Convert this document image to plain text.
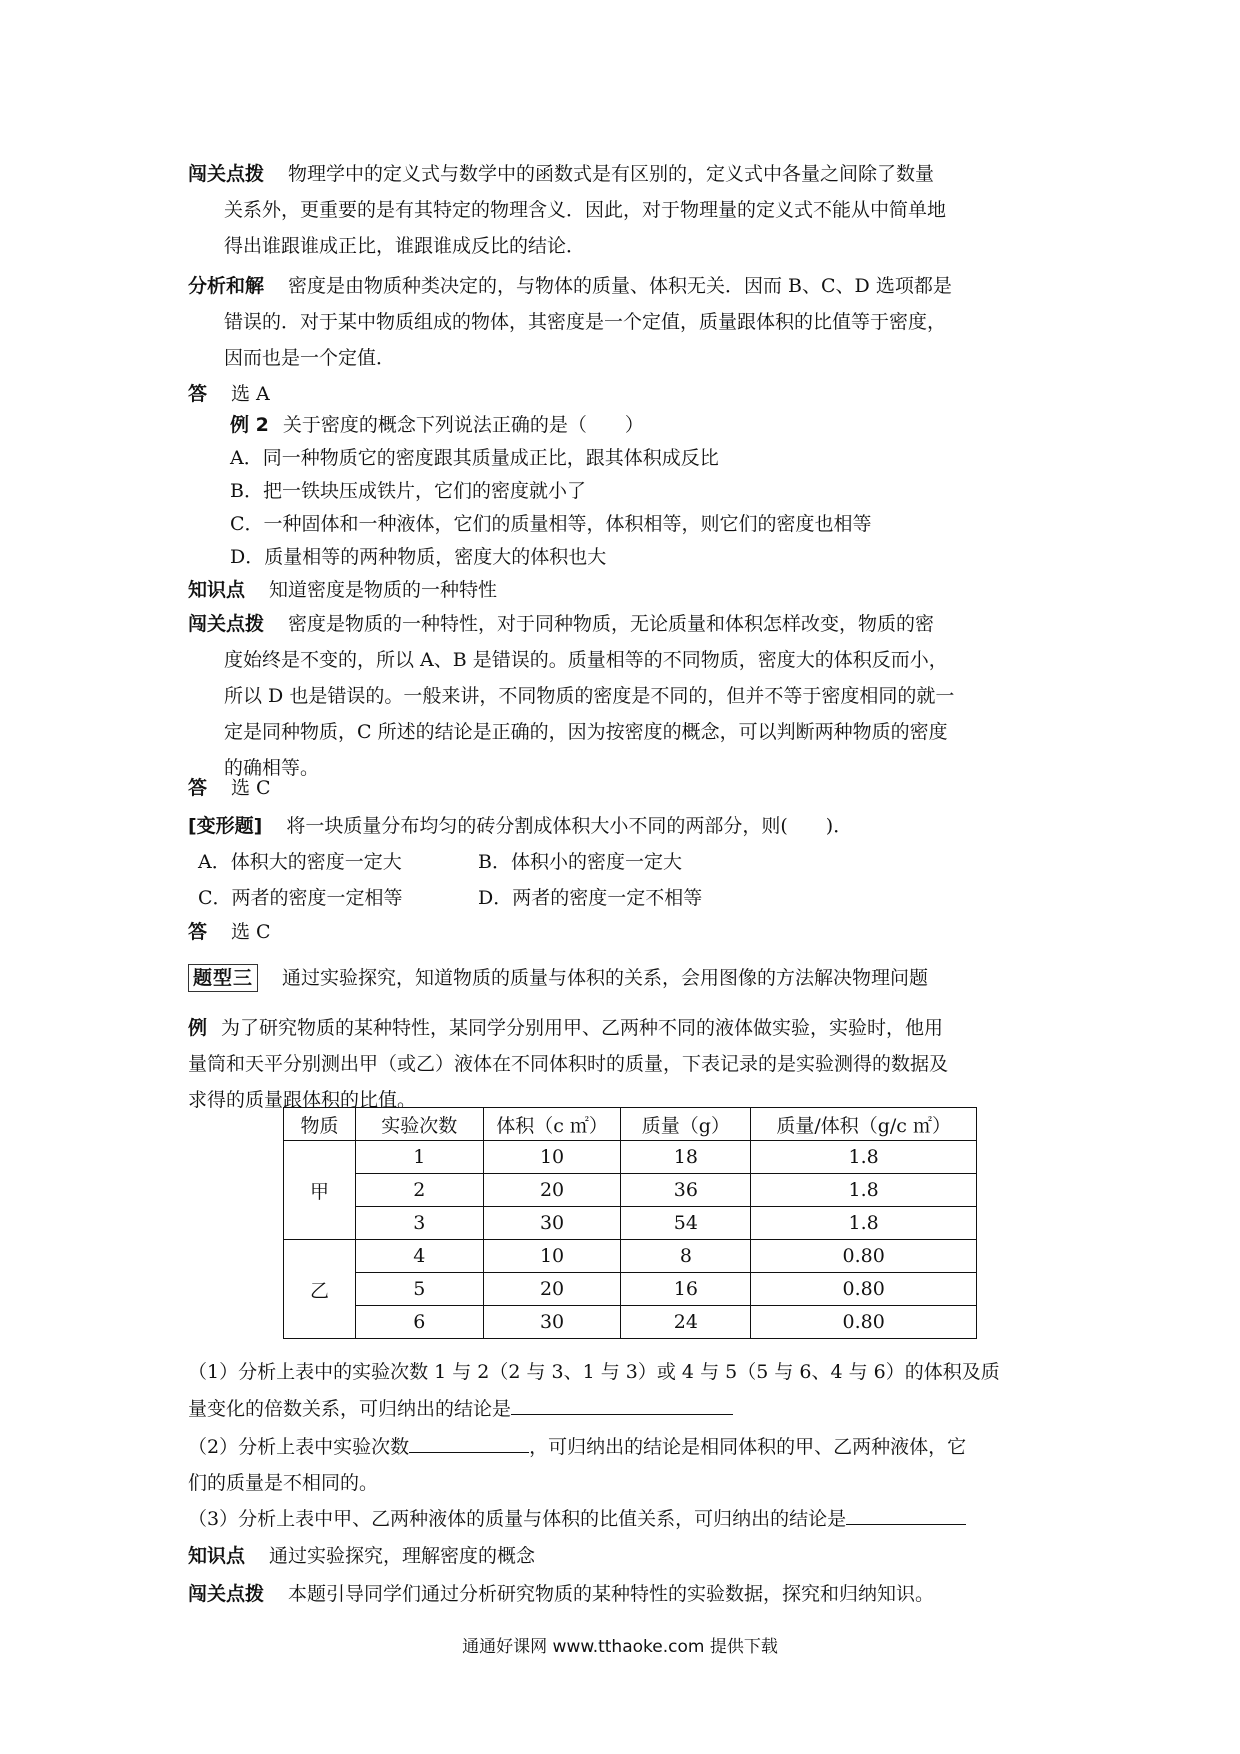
闯关点拨 物理学中的定义式与数学中的函数式是有区别的，定义式中各量之间除了数量
关系外，更重要的是有其特定的物理含义．因此，对于物理量的定义式不能从中简单地
得出谁跟谁成正比，谁跟谁成反比的结论．
分析和解 密度是由物质种类决定的，与物体的质量、体积无关．因而 B、C、D 选项都是
错误的．对于某中物质组成的物体，其密度是一个定值，质量跟体积的比值等于密度，
因而也是一个定值．
答 选 A
例 2 关于密度的概念下列说法正确的是（　　）
A．同一种物质它的密度跟其质量成正比，跟其体积成反比
B．把一铁块压成铁片，它们的密度就小了
C．一种固体和一种液体，它们的质量相等，体积相等，则它们的密度也相等
D．质量相等的两种物质，密度大的体积也大
知识点 知道密度是物质的一种特性
闯关点拨 密度是物质的一种特性，对于同种物质，无论质量和体积怎样改变，物质的密
度始终是不变的，所以 A、B 是错误的。质量相等的不同物质，密度大的体积反而小，
所以 D 也是错误的。一般来讲，不同物质的密度是不同的，但并不等于密度相同的就一
定是同种物质，C 所述的结论是正确的，因为按密度的概念，可以判断两种物质的密度
的确相等。
答 选 C
[变形题] 将一块质量分布均匀的砖分割成体积大小不同的两部分，则(　　)．
A．体积大的密度一定大	B．体积小的密度一定大
C．两者的密度一定相等	D．两者的密度一定不相等
答 选 C
题型三 通过实验探究，知道物质的质量与体积的关系，会用图像的方法解决物理问题
例 为了研究物质的某种特性，某同学分别用甲、乙两种不同的液体做实验，实验时，他用
量筒和天平分别测出甲（或乙）液体在不同体积时的质量，下表记录的是实验测得的数据及
求得的质量跟体积的比值。
物质	实验次数	体积（c ㎡）	质量（g）	质量/体积（g/c ㎡）
甲	1	10	18	1.8
	2	20	36	1.8
	3	30	54	1.8
乙	4	10	8	0.80
	5	20	16	0.80
	6	30	24	0.80
（1）分析上表中的实验次数 1 与 2（2 与 3、1 与 3）或 4 与 5（5 与 6、4 与 6）的体积及质
量变化的倍数关系，可归纳出的结论是
（2）分析上表中实验次数	，可归纳出的结论是相同体积的甲、乙两种液体，它
们的质量是不相同的。
（3）分析上表中甲、乙两种液体的质量与体积的比值关系，可归纳出的结论是
知识点 通过实验探究，理解密度的概念
闯关点拨 本题引导同学们通过分析研究物质的某种特性的实验数据，探究和归纳知识。
通通好课网 www.tthaoke.com 提供下载
